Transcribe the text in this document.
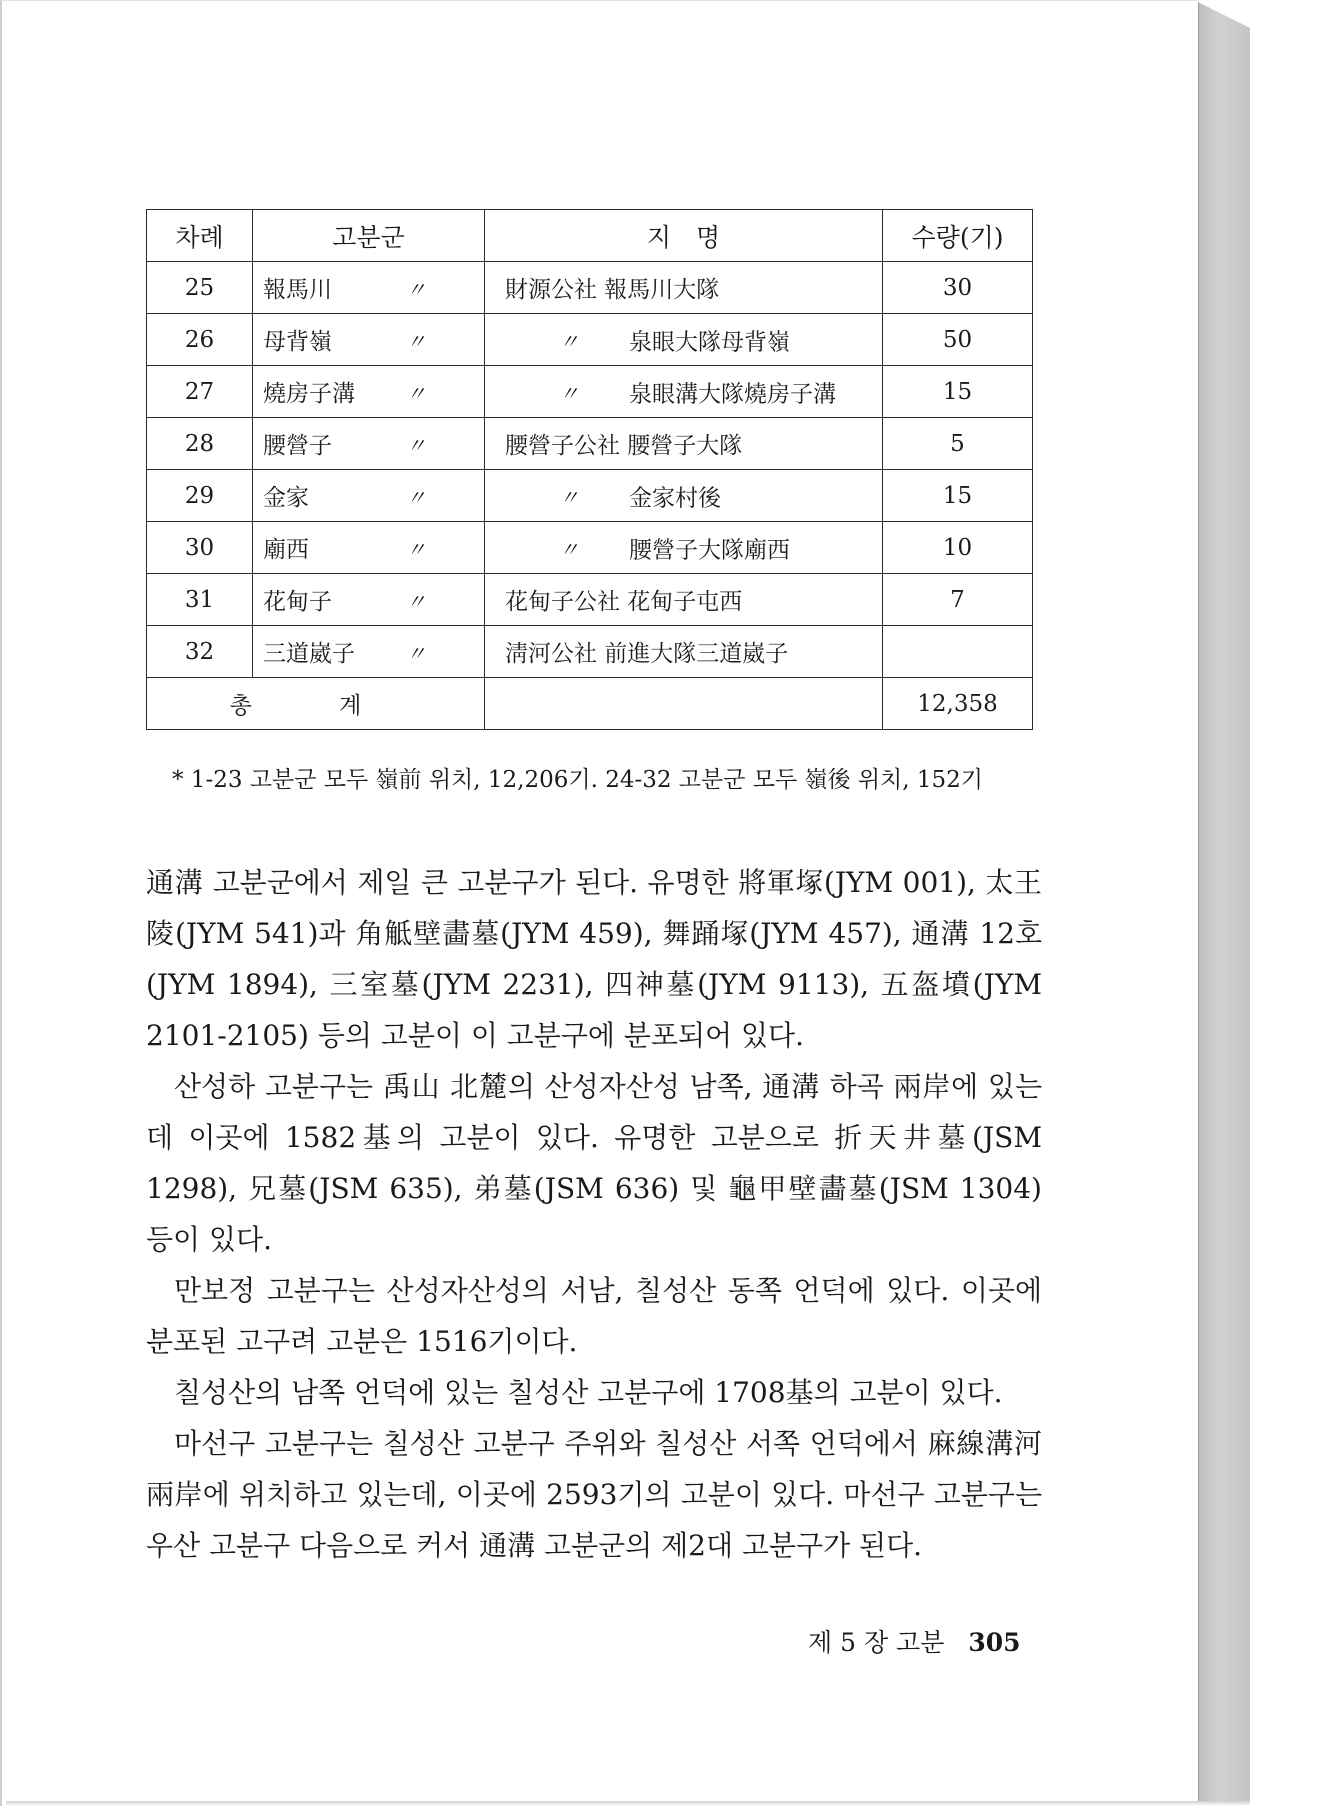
차례	고분군	지　명	수량(기)
25	報馬川 〃	財源公社 報馬川大隊	30
26	母背嶺 〃	〃 泉眼大隊母背嶺	50
27	燒房子溝 〃	〃 泉眼溝大隊燒房子溝	15
28	腰營子 〃	腰營子公社 腰營子大隊	5
29	金家 〃	〃 金家村後	15
30	廟西 〃	〃 腰營子大隊廟西	10
31	花甸子 〃	花甸子公社 花甸子屯西	7
32	三道崴子 〃	淸河公社 前進大隊三道崴子	
총 계			12,358
* 1-23 고분군 모두 嶺前 위치, 12,206기. 24-32 고분군 모두 嶺後 위치, 152기

通溝 고분군에서 제일 큰 고분구가 된다. 유명한 將軍塚(JYM 001), 太王陵(JYM 541)과 角觝壁畵墓(JYM 459), 舞踊塚(JYM 457), 通溝 12호(JYM 1894), 三室墓(JYM 2231), 四神墓(JYM 9113), 五盔墳(JYM 2101-2105) 등의 고분이 이 고분구에 분포되어 있다.

산성하 고분구는 禹山 北麓의 산성자산성 남쪽, 通溝 하곡 兩岸에 있는데 이곳에 1582基의 고분이 있다. 유명한 고분으로 折天井墓(JSM 1298), 兄墓(JSM 635), 弟墓(JSM 636) 및 龜甲壁畵墓(JSM 1304) 등이 있다.

만보정 고분구는 산성자산성의 서남, 칠성산 동쪽 언덕에 있다. 이곳에 분포된 고구려 고분은 1516기이다.

칠성산의 남쪽 언덕에 있는 칠성산 고분구에 1708基의 고분이 있다.

마선구 고분구는 칠성산 고분구 주위와 칠성산 서쪽 언덕에서 麻線溝河 兩岸에 위치하고 있는데, 이곳에 2593기의 고분이 있다. 마선구 고분구는 우산 고분구 다음으로 커서 通溝 고분군의 제2대 고분구가 된다.

제 5 장 고분 305
